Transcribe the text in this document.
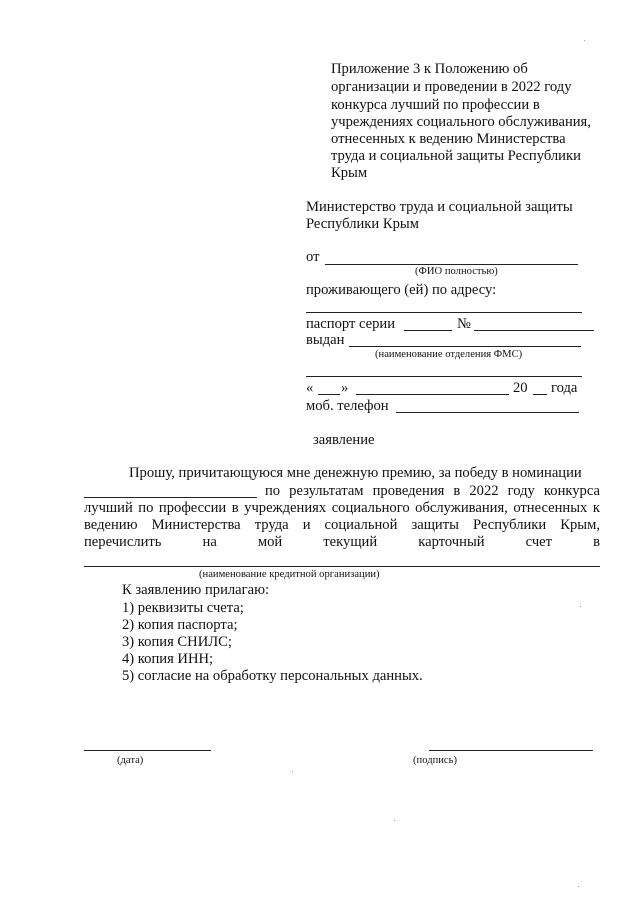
Приложение 3 к Положению об
организации и проведении в 2022 году
конкурса лучший по профессии в
учреждениях социального обслуживания,
отнесенных к ведению Министерства
труда и социальной защиты Республики
Крым
Министерство труда и социальной защиты
Республики Крым
от
(ФИО полностью)
проживающего (ей) по адресу:
паспорт серии	№
выдан
(наименование отделения ФМС)
« »	20 года
моб. телефон
заявление
Прошу, причитающуюся мне денежную премию, за победу в номинации
по результатам проведения в 2022 году конкурса
лучший по профессии в учреждениях социального обслуживания, отнесенных к
ведению Министерства труда и социальной защиты Республики Крым,
перечислить	на	мой	текущий	карточный	счет	в
(наименование кредитной организации)
К заявлению прилагаю:
1) реквизиты счета;
2) копия паспорта;
3) копия СНИЛС;
4) копия ИНН;
5) согласие на обработку персональных данных.
(дата)	(подпись)
